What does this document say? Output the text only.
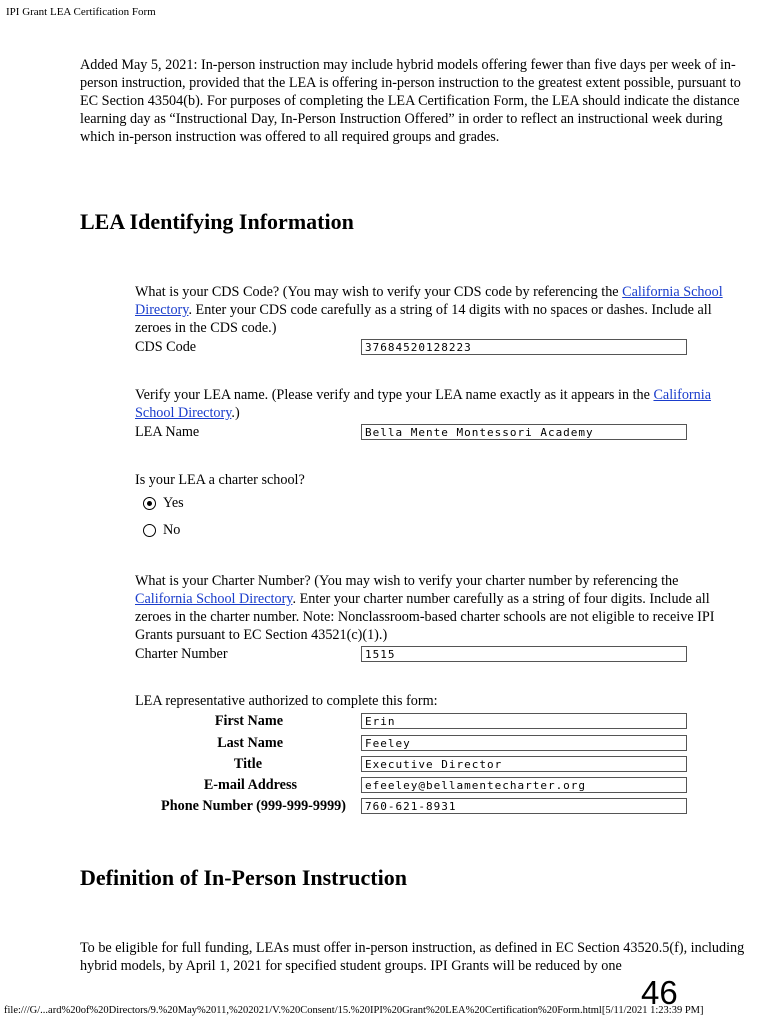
IPI Grant LEA Certification Form
Added May 5, 2021: In-person instruction may include hybrid models offering fewer than five days per week of in-person instruction, provided that the LEA is offering in-person instruction to the greatest extent possible, pursuant to EC Section 43504(b). For purposes of completing the LEA Certification Form, the LEA should indicate the distance learning day as “Instructional Day, In-Person Instruction Offered” in order to reflect an instructional week during which in-person instruction was offered to all required groups and grades.
LEA Identifying Information
What is your CDS Code? (You may wish to verify your CDS code by referencing the California School Directory. Enter your CDS code carefully as a string of 14 digits with no spaces or dashes. Include all zeroes in the CDS code.)
CDS Code	37684520128223
Verify your LEA name. (Please verify and type your LEA name exactly as it appears in the California School Directory.)
LEA Name	Bella Mente Montessori Academy
Is your LEA a charter school?
Yes
No
What is your Charter Number? (You may wish to verify your charter number by referencing the California School Directory. Enter your charter number carefully as a string of four digits. Include all zeroes in the charter number. Note: Nonclassroom-based charter schools are not eligible to receive IPI Grants pursuant to EC Section 43521(c)(1).)
Charter Number	1515
LEA representative authorized to complete this form:
First Name	Erin
Last Name	Feeley
Title	Executive Director
E-mail Address	efeeley@bellamentecharter.org
Phone Number (999-999-9999)	760-621-8931
Definition of In-Person Instruction
To be eligible for full funding, LEAs must offer in-person instruction, as defined in EC Section 43520.5(f), including hybrid models, by April 1, 2021 for specified student groups. IPI Grants will be reduced by one
46
file:///G/...ard%20of%20Directors/9.%20May%2011,%202021/V.%20Consent/15.%20IPI%20Grant%20LEA%20Certification%20Form.html[5/11/2021 1:23:39 PM]
